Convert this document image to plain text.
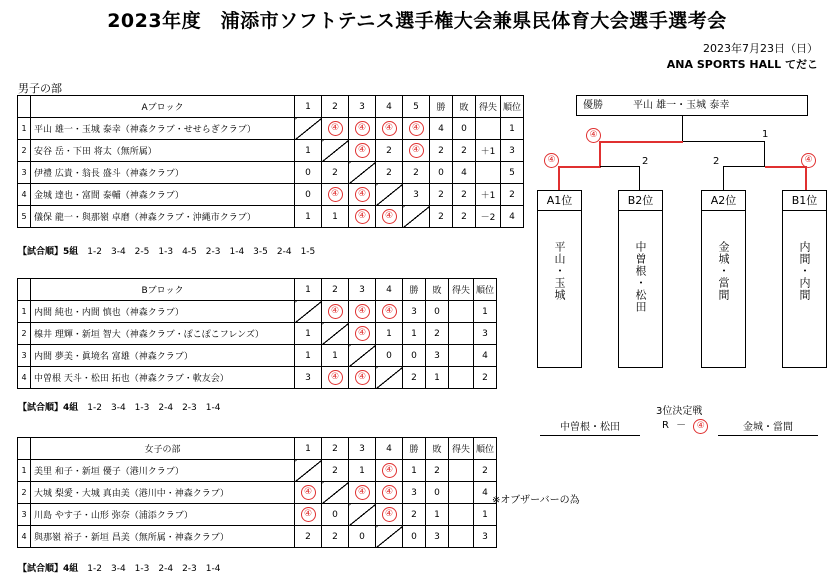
2023年度　浦添市ソフトテニス選手権大会兼県民体育大会選手選考会
2023年7月23日（日）
ANA SPORTS HALL てだこ
男子の部
	Aブロック	1	2	3	4	5	勝	敗	得失	順位
1	平山 雄一・玉城 泰幸（神森クラブ・せせらぎクラブ）		④	④	④	④	4	0		1
2	安谷 岳・下田 将太（無所属）	1		④	2	④	2	2	＋1	3
3	伊禮 広貴・翁長 盛斗（神森クラブ）	0	2		2	2	0	4		5
4	金城 達也・富間 泰輔（神森クラブ）	0	④	④		3	2	2	＋1	2
5	儀保 龍一・與那嶺 卓磨（神森クラブ・沖縄市クラブ）	1	1	④	④		2	2	－2	4
【試合順】5組　 1-2　3-4　2-5　1-3　4-5　2-3　1-4　3-5　2-4　1-5
	Bブロック	1	2	3	4	勝	敗	得失	順位
1	内間 純也・内間 慎也（神森クラブ）		④	④	④	3	0		1
2	楾井 理輝・新垣 智大（神森クラブ・ぽこぽこフレンズ）	1		④	1	1	2		3
3	内間 夢美・眞境名 富雄（神森クラブ）	1	1		0	0	3		4
4	中曽根 天斗・松田 拓也（神森クラブ・軟友会）	3	④	④		2	1		2
【試合順】4組　 1-2　3-4　1-3　2-4　2-3　1-4
	女子の部	1	2	3	4	勝	敗	得失	順位
1	美里 和子・新垣 優子（港川クラブ）		2	1	④	1	2		2
2	大城 梨愛・大城 真由美（港川中・神森クラブ）	④		④	④	3	0		4
3	川島 やす子・山形 弥奈（浦添クラブ）	④	0		④	2	1		1
4	與那嶺 裕子・新垣 昌美（無所属・神森クラブ）	2	2	0		0	3		3
※オブザーバーの為
【試合順】4組　 1-2　3-4　1-3　2-4　2-3　1-4
優勝	平山 雄一・玉城 泰幸
④	1
④	2	2	④
A1位
平山・玉城
B2位
中曽根・松田
A2位
金城・當間
B1位
内間・内間
3位決定戦
中曽根・松田	R － ④	金城・當間
